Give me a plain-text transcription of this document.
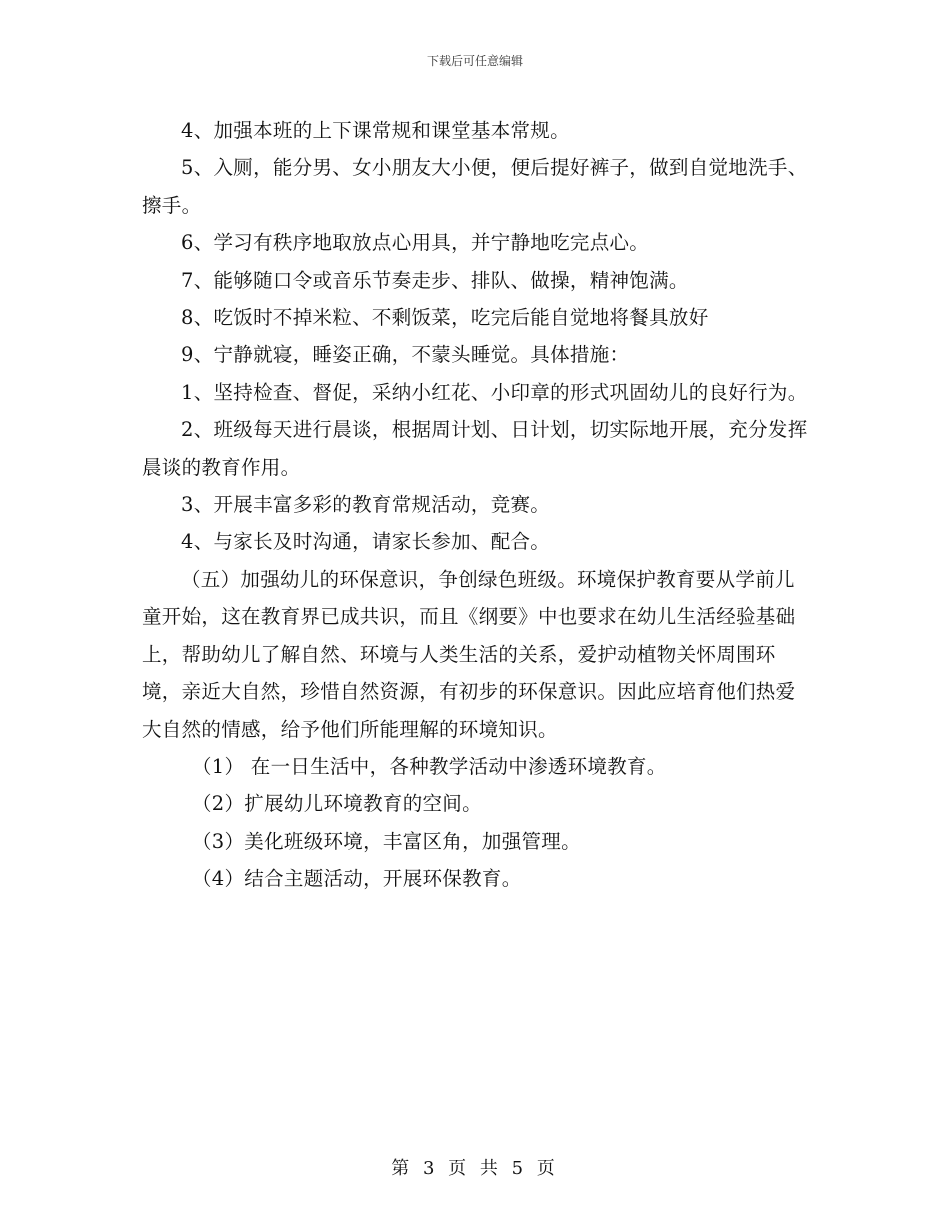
下载后可任意编辑

4、加强本班的上下课常规和课堂基本常规。

5、入厕，能分男、女小朋友大小便，便后提好裤子，做到自觉地洗手、擦手。

6、学习有秩序地取放点心用具，并宁静地吃完点心。

7、能够随口令或音乐节奏走步、排队、做操，精神饱满。

8、吃饭时不掉米粒、不剩饭菜，吃完后能自觉地将餐具放好

9、宁静就寝，睡姿正确，不蒙头睡觉。具体措施：

1、坚持检查、督促，采纳小红花、小印章的形式巩固幼儿的良好行为。

2、班级每天进行晨谈，根据周计划、日计划，切实际地开展，充分发挥晨谈的教育作用。

3、开展丰富多彩的教育常规活动，竞赛。

4、与家长及时沟通，请家长参加、配合。

（五）加强幼儿的环保意识，争创绿色班级。环境保护教育要从学前儿童开始，这在教育界已成共识，而且《纲要》中也要求在幼儿生活经验基础上，帮助幼儿了解自然、环境与人类生活的关系，爱护动植物关怀周围环境，亲近大自然，珍惜自然资源，有初步的环保意识。因此应培育他们热爱大自然的情感，给予他们所能理解的环境知识。

（1） 在一日生活中，各种教学活动中渗透环境教育。

（2）扩展幼儿环境教育的空间。

（3）美化班级环境，丰富区角，加强管理。

（4）结合主题活动，开展环保教育。

第 3 页 共 5 页
